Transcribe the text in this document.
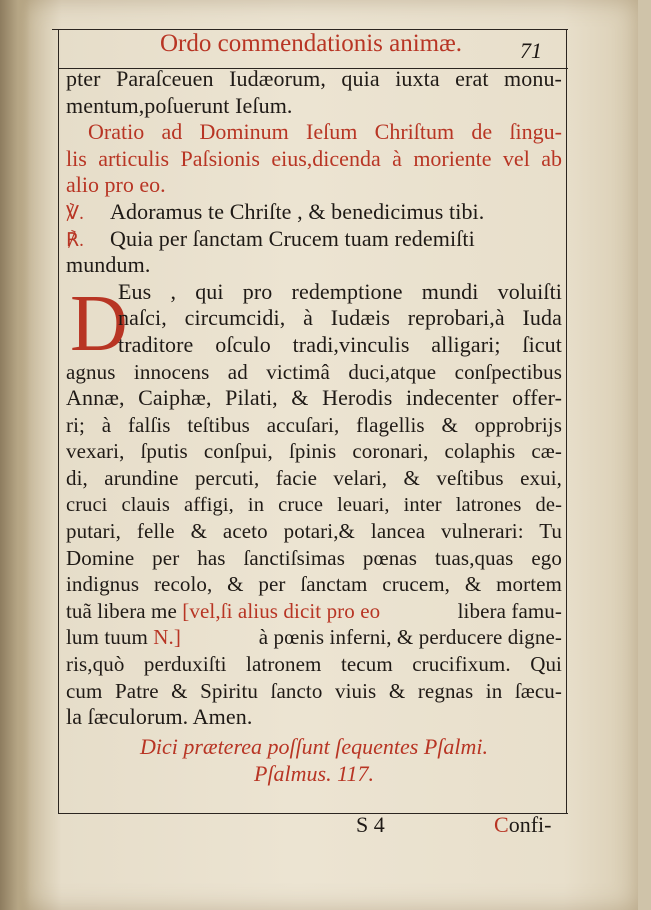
Ordo commendationis animæ.	71
D
pter Paraſceuen Iudæorum, quia iuxta erat monu-
mentum,poſuerunt Ieſum.
Oratio ad Dominum Ieſum Chriſtum de ſingu-
lis articulis Paſsionis eius,dicenda à moriente vel ab
alio pro eo.
℣. Adoramus te Chriſte , & benedicimus tibi.
℟. Quia per ſanctam Crucem tuam redemiſti
mundum.
Eus , qui pro redemptione mundi voluiſti
naſci, circumcidi, à Iudæis reprobari,à Iuda
traditore oſculo tradi,vinculis alligari; ſicut
agnus innocens ad victimâ duci,atque conſpectibus
Annæ, Caiphæ, Pilati, & Herodis indecenter offer-
ri; à falſis teſtibus accuſari, flagellis & opprobrijs
vexari, ſputis conſpui, ſpinis coronari, colaphis cæ-
di, arundine percuti, facie velari, & veſtibus exui,
cruci clauis affigi, in cruce leuari, inter latrones de-
putari, felle & aceto potari,& lancea vulnerari: Tu
Domine per has ſanctiſsimas pœnas tuas,quas ego
indignus recolo, & per ſanctam crucem, & mortem
tuã libera me [vel,ſi alius dicit pro eo	libera famu-
lum tuum N.]	à pœnis inferni, & perducere digne-
ris,quò perduxiſti latronem tecum crucifixum. Qui
cum Patre & Spiritu ſancto viuis & regnas in ſæcu-
la ſæculorum. Amen.
Dici præterea poſſunt ſequentes Pſalmi.
Pſalmus. 117.
S 4	Confi-
